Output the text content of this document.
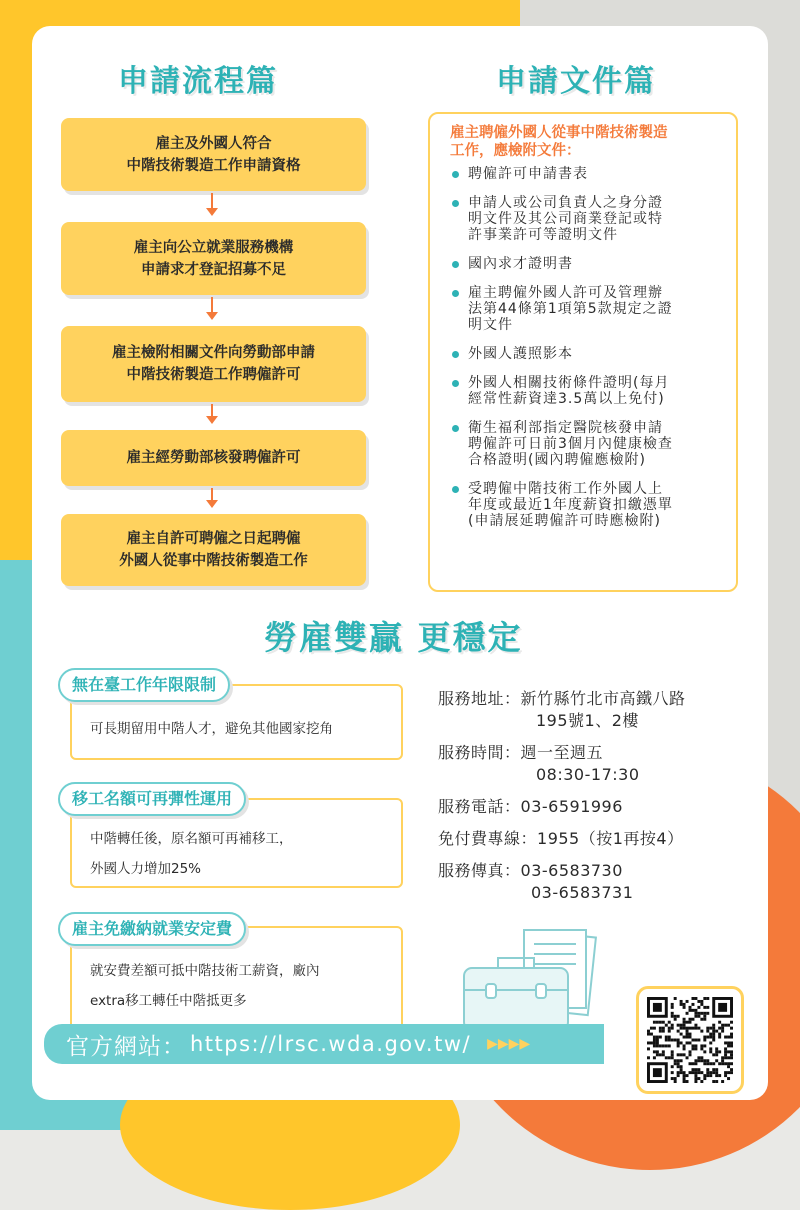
申請流程篇	申請文件篇
雇主及外國人符合
中階技術製造工作申請資格
雇主向公立就業服務機構
申請求才登記招募不足
雇主檢附相關文件向勞動部申請
中階技術製造工作聘僱許可
雇主經勞動部核發聘僱許可
雇主自許可聘僱之日起聘僱
外國人從事中階技術製造工作
雇主聘僱外國人從事中階技術製造
工作，應檢附文件：
聘僱許可申請書表
申請人或公司負責人之身分證
明文件及其公司商業登記或特
許事業許可等證明文件
國內求才證明書
雇主聘僱外國人許可及管理辦
法第44條第1項第5款規定之證
明文件
外國人護照影本
外國人相關技術條件證明(每月
經常性薪資達3.5萬以上免付)
衛生福利部指定醫院核發申請
聘僱許可日前3個月內健康檢查
合格證明(國內聘僱應檢附)
受聘僱中階技術工作外國人上
年度或最近1年度薪資扣繳憑單
(申請展延聘僱許可時應檢附)
勞雇雙贏 更穩定
可長期留用中階人才，避免其他國家挖角
無在臺工作年限限制
中階轉任後，原名額可再補移工，
外國人力增加25%
移工名額可再彈性運用
就安費差額可抵中階技術工薪資，廠內
extra移工轉任中階抵更多
雇主免繳納就業安定費
服務地址：新竹縣竹北市高鐵八路
195號1、2樓
服務時間：週一至週五
08:30-17:30
服務電話：03-6591996
免付費專線：1955（按1再按4）
服務傳真：03-6583730
03-6583731
官方網站： https://lrsc.wda.gov.tw/ ▶▶▶▶
